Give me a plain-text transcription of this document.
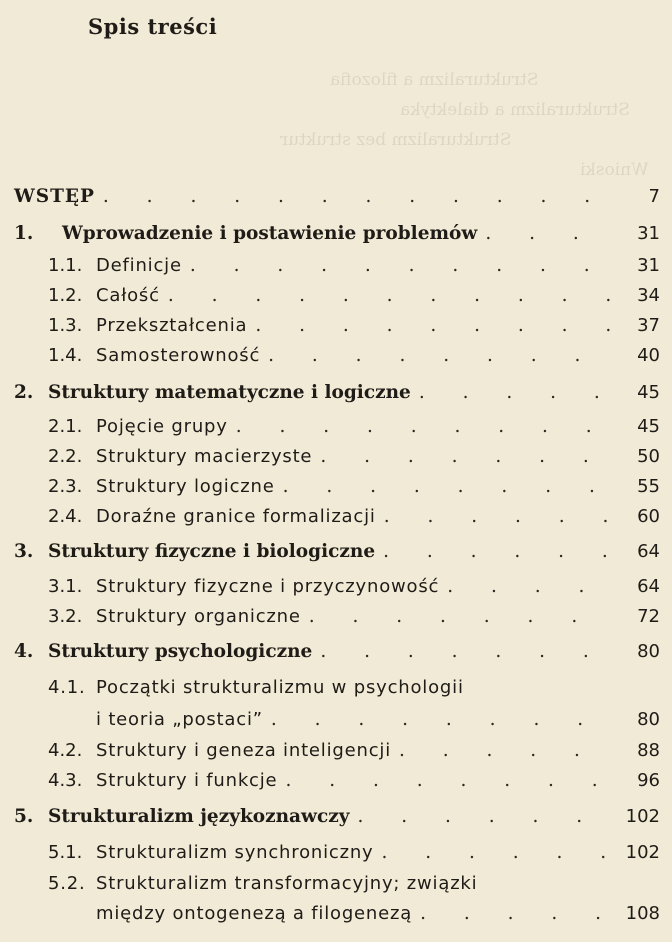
Strukturalizm a filozofia
Strukturalizm a dialektyka
Strukturalizm bez struktur
Wnioski
Spis treści
WSTĘP . . .	7
1.	Wprowadzenie i postawienie problemów . . .	31
1.1. Definicje . . .	31
1.2. Całość . . .	34
1.3. Przekształcenia . . .	37
1.4. Samosterowność . . .	40
2. Struktury matematyczne i logiczne . . .	45
2.1. Pojęcie grupy . . .	45
2.2. Struktury macierzyste . . .	50
2.3. Struktury logiczne . . .	55
2.4. Doraźne granice formalizacji . . .	60
3. Struktury fizyczne i biologiczne . . .	64
3.1. Struktury fizyczne i przyczynowość . . .	64
3.2. Struktury organiczne . . .	72
4. Struktury psychologiczne . . .	80
4.1. Początki strukturalizmu w psychologii
i teoria „postaci” . . .	80
4.2. Struktury i geneza inteligencji . . .	88
4.3. Struktury i funkcje . . .	96
5. Strukturalizm językoznawczy . . .	102
5.1. Strukturalizm synchroniczny . . .	102
5.2. Strukturalizm transformacyjny; związki
między ontogenezą a filogenezą . . .	108
